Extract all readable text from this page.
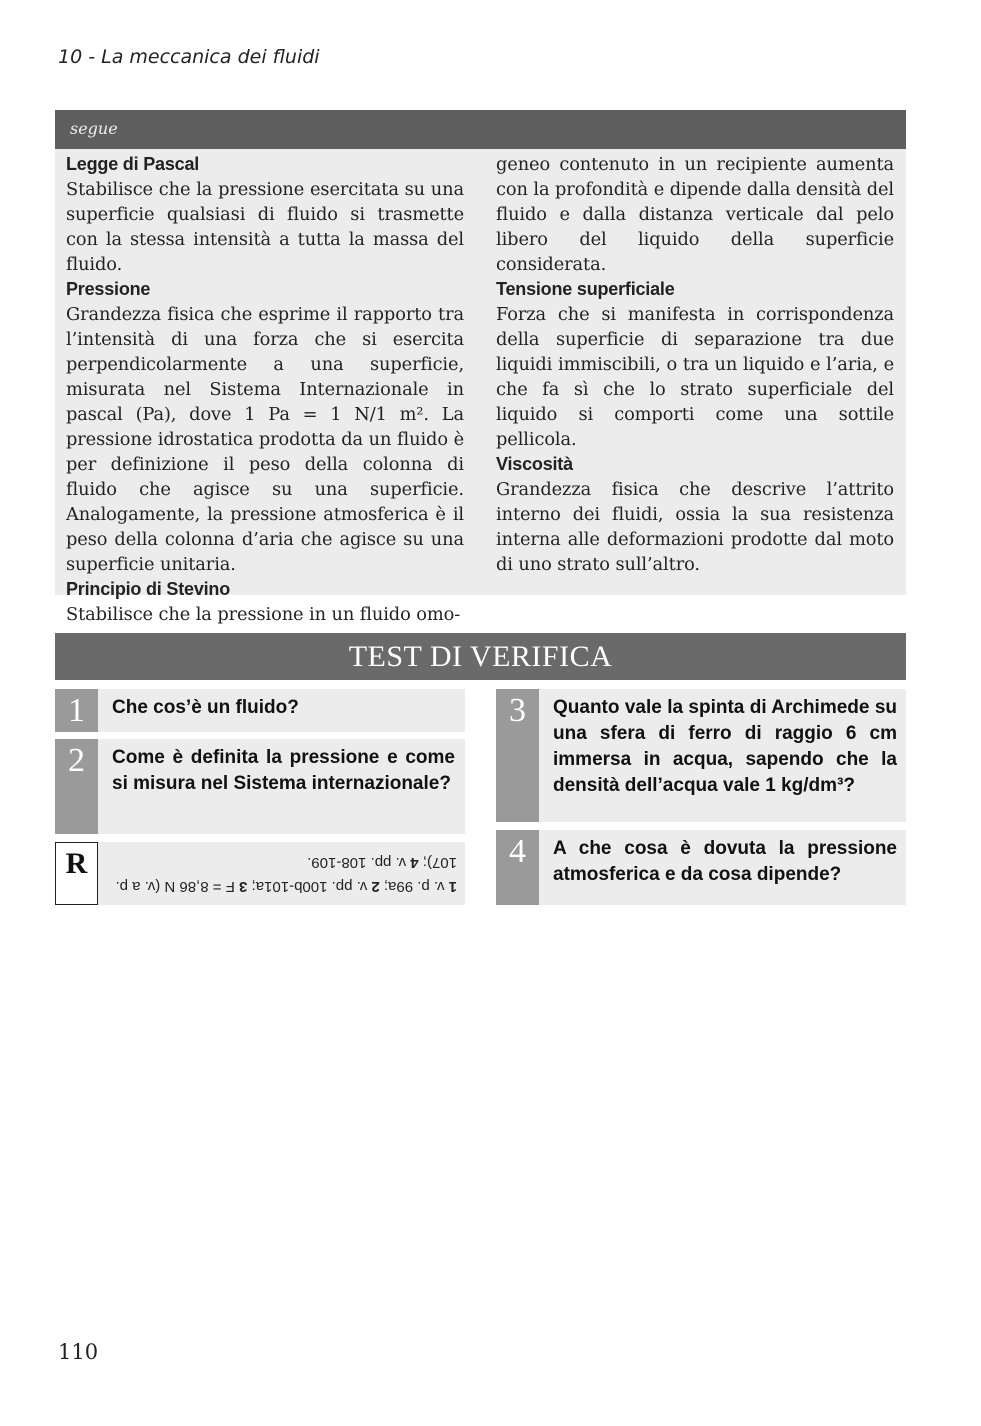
10 - La meccanica dei fluidi
segue
Legge di Pascal

Stabilisce che la pressione esercitata su una superficie qualsiasi di fluido si trasmette con la stessa intensità a tutta la massa del fluido.

Pressione

Grandezza fisica che esprime il rapporto tra l’intensità di una forza che si esercita perpendicolarmente a una superficie, misurata nel Sistema Internazionale in pascal (Pa), dove 1 Pa = 1 N/1 m². La pressione idrostatica prodotta da un fluido è per definizione il peso della colonna di fluido che agisce su una superficie. Analogamente, la pressione atmosferica è il peso della colonna d’aria che agisce su una superficie unitaria.

Principio di Stevino

Stabilisce che la pressione in un fluido omo-

geneo contenuto in un recipiente aumenta con la profondità e dipende dalla densità del fluido e dalla distanza verticale dal pelo libero del liquido della superficie considerata.

Tensione superficiale

Forza che si manifesta in corrispondenza della superficie di separazione tra due liquidi immiscibili, o tra un liquido e l’aria, e che fa sì che lo strato superficiale del liquido si comporti come una sottile pellicola.

Viscosità

Grandezza fisica che descrive l’attrito interno dei fluidi, ossia la sua resistenza interna alle deformazioni prodotte dal moto di uno strato sull’altro.

TEST DI VERIFICA
1	Che cos’è un fluido?
2	Come è definita la pressione e come si misura nel Sistema internazionale?
R
1 v. p. 99a; 2 v. pp. 100b-101a; 3 F = 8,86 N (v. a p. 107); 4 v. pp. 108-109.
3	Quanto vale la spinta di Archimede su una sfera di ferro di raggio 6 cm immersa in acqua, sapendo che la densità dell’acqua vale 1 kg/dm³?
4	A che cosa è dovuta la pressione atmosferica e da cosa dipende?
110
